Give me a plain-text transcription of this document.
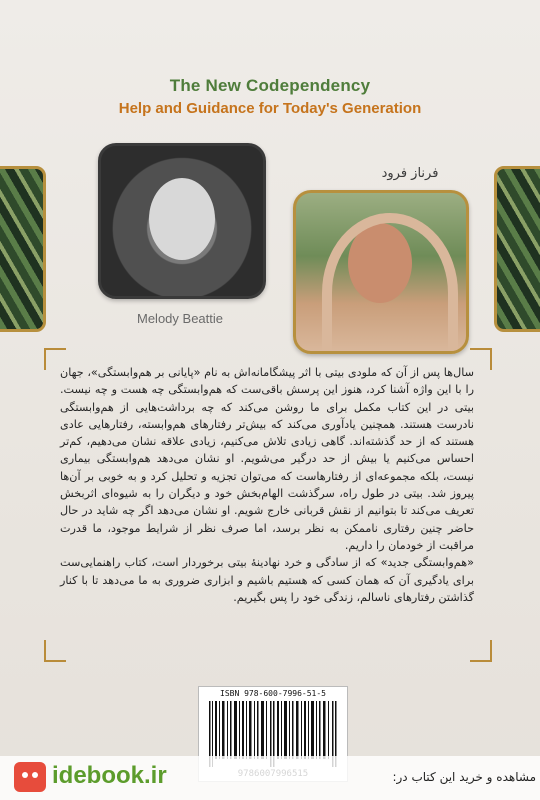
The New Codependency
Help and Guidance for Today's Generation
Melody Beattie
فرناز فرود

سال‌ها پس از آن که ملودی بیتی با اثر پیشگامانه‌اش به نام «پایانی بر هم‌وابستگی»، جهان را با این واژه آشنا کرد، هنوز این پرسش باقی‌ست که هم‌وابستگی چه هست و چه نیست. بیتی در این کتاب مکمل برای ما روشن می‌کند که چه برداشت‌هایی از هم‌وابستگی نادرست هستند. همچنین یادآوری می‌کند که بیش‌تر رفتارهای هم‌وابسته، رفتارهایی عادی هستند که از حد گذشته‌اند. گاهی زیادی تلاش می‌کنیم، زیادی علاقه نشان می‌دهیم، کم‌تر احساس می‌کنیم یا بیش از حد درگیر می‌شویم. او نشان می‌دهد هم‌وابستگی بیماری نیست، بلکه مجموعه‌ای از رفتارهاست که می‌توان تجزیه و تحلیل کرد و به خوبی بر آن‌ها پیروز شد. بیتی در طول راه، سرگذشت الهام‌بخش خود و دیگران را به شیوه‌ای اثربخش تعریف می‌کند تا بتوانیم از نقش قربانی خارج شویم. او نشان می‌دهد اگر چه شاید در حال حاضر چنین رفتاری ناممکن به نظر برسد، اما صرف نظر از شرایط موجود، ما قدرت مراقبت از خودمان را داریم.

«هم‌وابستگی جدید» که از سادگی و خرد نهادینهٔ بیتی برخوردار است، کتاب راهنمایی‌ست برای یادگیری آن که همان کسی که هستیم باشیم و ابزاری ضروری به ما می‌دهد تا با کنار گذاشتن رفتارهای ناسالم، زندگی خود را پس بگیریم.

ISBN 978-600-7996-51-5
idebook.ir	مشاهده و خرید این کتاب در:
